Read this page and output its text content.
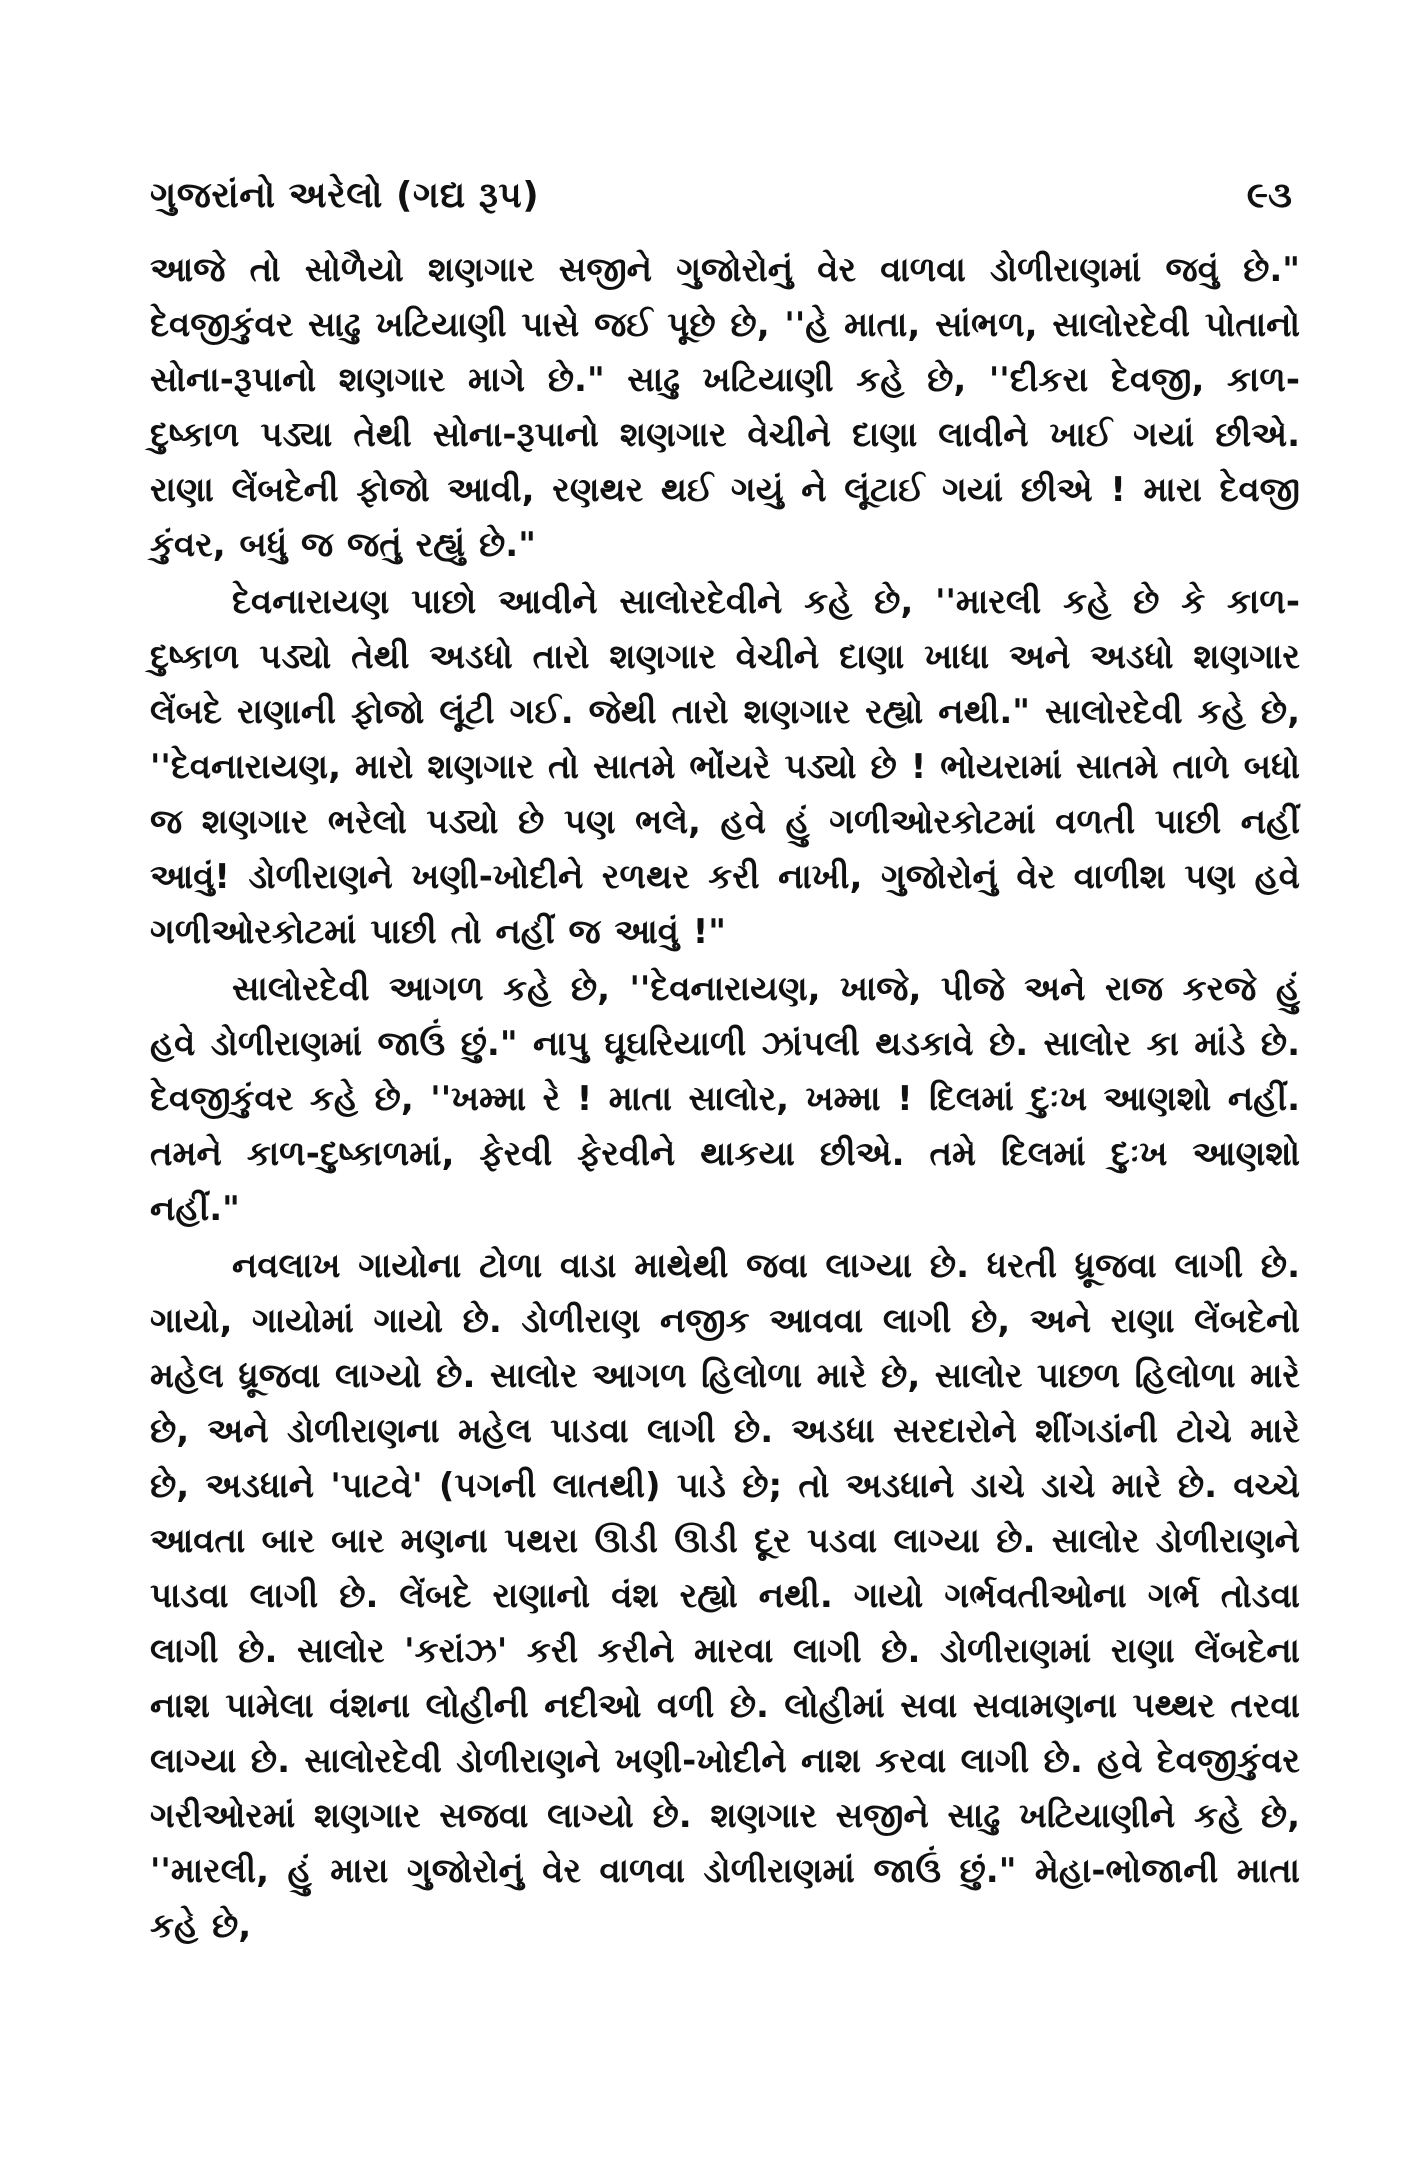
ગુજરાંનો અરેલો (ગદ્ય રૂપ)	૯૩

આજે તો સોળૈયો શણગાર સજીને ગુજોરોનું વેર વાળવા ડોળીરાણમાં જવું છે." દેવજીકુંવર સાઢુ ખટિયાણી પાસે જઈ પૂછે છે, ''હે માતા, સાંભળ, સાલોરદેવી પોતાનો સોના-રૂપાનો શણગાર માગે છે." સાઢુ ખટિયાણી કહે છે, ''દીકરા દેવજી, કાળ-દુષ્કાળ પડ્યા તેથી સોના-રૂપાનો શણગાર વેચીને દાણા લાવીને ખાઈ ગયાં છીએ. રાણા લેંબદેની ફોજો આવી, રણથર થઈ ગયું ને લૂંટાઈ ગયાં છીએ ! મારા દેવજી કુંવર, બધું જ જતું રહ્યું છે."

દેવનારાયણ પાછો આવીને સાલોરદેવીને કહે છે, ''મારલી કહે છે કે કાળ-દુષ્કાળ પડ્યો તેથી અડધો તારો શણગાર વેચીને દાણા ખાધા અને અડધો શણગાર લેંબદે રાણાની ફોજો લૂંટી ગઈ. જેથી તારો શણગાર રહ્યો નથી." સાલોરદેવી કહે છે, ''દેવનારાયણ, મારો શણગાર તો સાતમે ભોંયરે પડ્યો છે ! ભોયરામાં સાતમે તાળે બધો જ શણગાર ભરેલો પડ્યો છે પણ ભલે, હવે હું ગળીઓરકોટમાં વળતી પાછી નહીં આવું! ડોળીરાણને ખણી-ખોદીને રળથર કરી નાખી, ગુજોરોનું વેર વાળીશ પણ હવે ગળીઓરકોટમાં પાછી તો નહીં જ આવું !"

સાલોરદેવી આગળ કહે છે, ''દેવનારાયણ, ખાજે, પીજે અને રાજ કરજે હું હવે ડોળીરાણમાં જાઉં છું." નાપુ ઘૂઘરિયાળી ઝાંપલી થડકાવે છે. સાલોર કા માંડે છે. દેવજીકુંવર કહે છે, ''ખમ્મા રે ! માતા સાલોર, ખમ્મા ! દિલમાં દુઃખ આણશો નહીં. તમને કાળ-દુષ્કાળમાં, ફેરવી ફેરવીને થાકયા છીએ. તમે દિલમાં દુઃખ આણશો નહીં."

નવલાખ ગાયોના ટોળા વાડા માથેથી જવા લાગ્યા છે. ધરતી ધ્રૂજવા લાગી છે. ગાયો, ગાયોમાં ગાયો છે. ડોળીરાણ નજીક આવવા લાગી છે, અને રાણા લેંબદેનો મહેલ ધ્રૂજવા લાગ્યો છે. સાલોર આગળ હિલોળા મારે છે, સાલોર પાછળ હિલોળા મારે છે, અને ડોળીરાણના મહેલ પાડવા લાગી છે. અડધા સરદારોને શીંગડાંની ટોચે મારે છે, અડધાને 'પાટવે' (પગની લાતથી) પાડે છે; તો અડધાને ડાચે ડાચે મારે છે. વચ્ચે આવતા બાર બાર મણના પથરા ઊડી ઊડી દૂર પડવા લાગ્યા છે. સાલોર ડોળીરાણને પાડવા લાગી છે. લેંબદે રાણાનો વંશ રહ્યો નથી. ગાયો ગર્ભવતીઓના ગર્ભ તોડવા લાગી છે. સાલોર 'કરાંઝ' કરી કરીને મારવા લાગી છે. ડોળીરાણમાં રાણા લેંબદેના નાશ પામેલા વંશના લોહીની નદીઓ વળી છે. લોહીમાં સવા સવામણના પથ્થર તરવા લાગ્યા છે. સાલોરદેવી ડોળીરાણને ખણી-ખોદીને નાશ કરવા લાગી છે. હવે દેવજીકુંવર ગરીઓરમાં શણગાર સજવા લાગ્યો છે. શણગાર સજીને સાઢુ ખટિયાણીને કહે છે, ''મારલી, હું મારા ગુજોરોનું વેર વાળવા ડોળીરાણમાં જાઉં છું." મેહા-ભોજાની માતા કહે છે,
